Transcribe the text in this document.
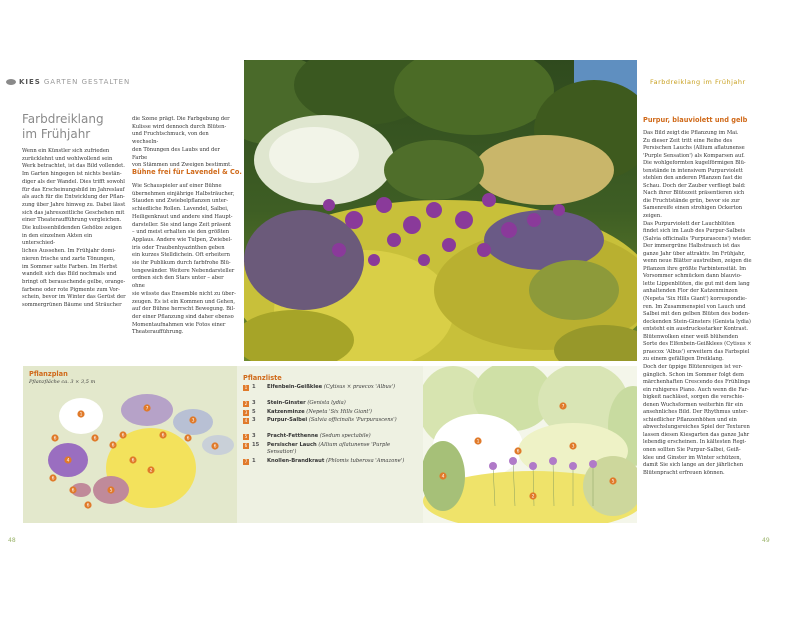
KIES GARTEN GESTALTEN	Farbdreiklang im Frühjahr
Farbdreiklang im Frühjahr
Wenn ein Künstler sich zufrieden
zurücklehnt und wohlwollend sein
Werk betrachtet, ist das Bild vollendet.
Im Garten hingegen ist nichts bestän-
diger als der Wandel. Dies trifft sowohl
für das Erscheinungsbild im Jahreslauf
als auch für die Entwicklung der Pflan-
zung über Jahre hinweg zu. Dabei lässt
sich das jahreszeitliche Geschehen mit
einer Theateraufführung vergleichen.
Die kulissenbildenden Gehölze zeigen
in den einzelnen Akten ein unterschied-
liches Aussehen. Im Frühjahr domi-
nieren frische und zarte Tönungen,
im Sommer satte Farben. Im Herbst
wandelt sich das Bild nochmals und
bringt oft berauschende gelbe, orange-
farbene oder rote Pigmente zum Vor-
schein, bevor im Winter das Gerüst der
sommergrünen Bäume und Sträucher
die Szene prägt. Die Farbgebung der
Kulisse wird dennoch durch Blüten-
und Fruchtschmuck, von den wechseln-
den Tönungen des Laubs und der Farbe
von Stämmen und Zweigen bestimmt.
Bühne frei für Lavendel & Co.
Wie Schauspieler auf einer Bühne
übernehmen einjährige Halbsträucher,
Stauden und Zwiebelpflanzen unter-
schiedliche Rollen. Lavendel, Salbei,
Heiligenkraut und andere sind Haupt-
darsteller. Sie sind lange Zeit präsent
– und meist erhalten sie den größten
Applaus. Andere wie Tulpen, Zwiebel-
iris oder Traubenhyazinthen geben
ein kurzes Stelldichein. Oft erheitern
sie ihr Publikum durch farbfrohe Blü-
tengewänder. Weitere Nebendarsteller
ordnen sich den Stars unter – aber ohne
sie wüsste das Ensemble nicht zu über-
zeugen. Es ist ein Kommen und Gehen,
auf der Bühne herrscht Bewegung. Bil-
der einer Pflanzung sind daher ebenso
Momentaufnahmen wie Fotos einer
Theateraufführung.
Purpur, blauviolett und gelb
Das Bild zeigt die Pflanzung im Mai.
Zu dieser Zeit tritt eine Reihe des
Persischen Lauchs (Allium aflatunense
'Purple Sensation') als Komparsen auf.
Die wohlgeformten kugelförmigen Blü-
tenstände in intensivem Purpurviolett
stehlen den anderen Pflanzen fast die
Schau. Doch der Zauber verfliegt bald:
Nach ihrer Blütezeit präsentieren sich
die Fruchtstände grün, bevor sie zur
Samenreife einen strohigen Ockerton
zeigen.
Das Purpurviolett der Lauchblüten
findet sich im Laub des Purpur-Salbeis
(Salvia officinalis 'Purpurascens') wieder.
Der immergrüne Halbstrauch ist das
ganze Jahr über attraktiv. Im Frühjahr,
wenn neue Blätter austreiben, zeigen die
Pflanzen ihre größte Farbintensität. Im
Vorsommer schmücken dann blauvio-
lette Lippenblüten, die gut mit dem lang
anhaltenden Flor der Katzenminzen
(Nepeta 'Six Hills Giant') korrespondie-
ren. Im Zusammenspiel von Lauch und
Salbei mit den gelben Blüten des boden-
deckenden Stein-Ginsters (Genista lydia)
entsteht ein ausdrucksstarker Kontrast.
Blütenwolken einer weiß blühenden
Sorte des Elfenbein-Geißklees (Cytisus ×
praecox 'Albus') erweitern das Farbspiel
zu einem gefälligen Dreiklang.
Doch der üppige Blütenreigen ist ver-
gänglich. Schon im Sommer folgt dem
märchenhaften Crescendo des Frühlings
ein ruhigeres Piano. Auch wenn die Far-
bigkeit nachlässt, sorgen die verschie-
denen Wuchsformen weiterhin für ein
ansehnliches Bild. Der Rhythmus unter-
schiedlicher Pflanzenhöhen und ein
abwechslungsreiches Spiel der Texturen
lassen diesen Kiesgarten das ganze Jahr
lebendig erscheinen. In kältesten Regi-
onen sollten Sie Purpur-Salbei, Geiß-
klee und Ginster im Winter schützen,
damit Sie sich lange an der jährlichen
Blütenpracht erfreuen können.
Pflanzplan
Pflanzfläche ca. 3 × 3,5 m
1
7
2
4
3
5
6	6
6
6	6
6
6
6
6
6
6
Pflanzliste
1 1	Elfenbein-Geißklee (Cytisus × praecox 'Albus')
2 3	Stein-Ginster (Genista lydia)
3 5	Katzenminze (Nepeta 'Six Hills Giant')
4 3	Purpur-Salbei (Salvia officinalis 'Purpurascens')
5 3	Pracht-Fetthenne (Sedum spectabile)
6 15	Persischer Lauch (Allium aflatunense 'Purple Sensation')
7 1	Knollen-Brandkraut (Phlomis tuberosa 'Amazone')
1
2
3
4
5
6
7
48	49
